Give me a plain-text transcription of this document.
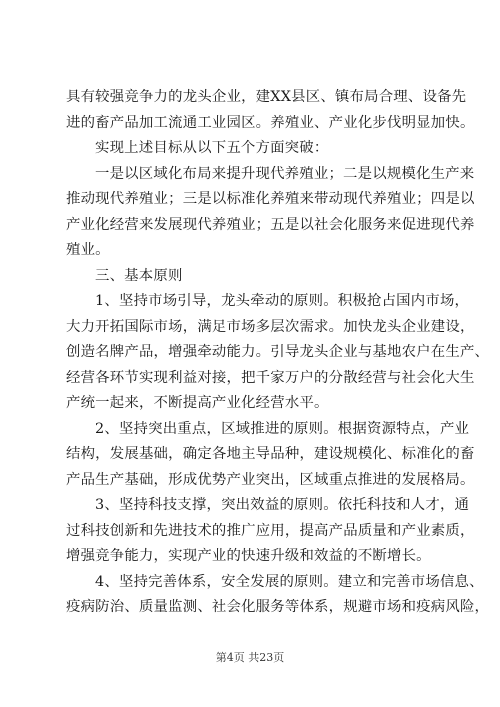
具有较强竞争力的龙头企业，建XX县区、镇布局合理、设备先
进的畜产品加工流通工业园区。养殖业、产业化步伐明显加快。
实现上述目标从以下五个方面突破：
一是以区域化布局来提升现代养殖业；二是以规模化生产来
推动现代养殖业；三是以标准化养殖来带动现代养殖业；四是以
产业化经营来发展现代养殖业；五是以社会化服务来促进现代养
殖业。
三、基本原则
1、坚持市场引导，龙头牵动的原则。积极抢占国内市场，
大力开拓国际市场，满足市场多层次需求。加快龙头企业建设，
创造名牌产品，增强牵动能力。引导龙头企业与基地农户在生产、
经营各环节实现利益对接，把千家万户的分散经营与社会化大生
产统一起来，不断提高产业化经营水平。
2、坚持突出重点，区域推进的原则。根据资源特点，产业
结构，发展基础，确定各地主导品种，建设规模化、标准化的畜
产品生产基础，形成优势产业突出，区域重点推进的发展格局。
3、坚持科技支撑，突出效益的原则。依托科技和人才，通
过科技创新和先进技术的推广应用，提高产品质量和产业素质，
增强竞争能力，实现产业的快速升级和效益的不断增长。
4、坚持完善体系，安全发展的原则。建立和完善市场信息、
疫病防治、质量监测、社会化服务等体系，规避市场和疫病风险，
第4页 共23页
